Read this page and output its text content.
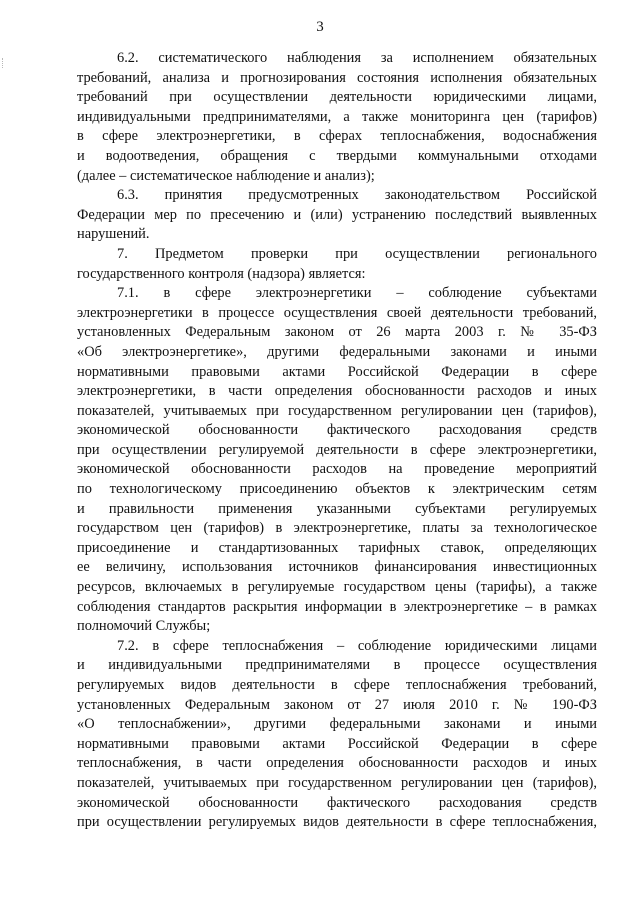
3
6.2. систематического наблюдения за исполнением обязательных
требований, анализа и прогнозирования состояния исполнения обязательных
требований при осуществлении деятельности юридическими лицами,
индивидуальными предпринимателями, а также мониторинга цен (тарифов)
в сфере электроэнергетики, в сферах теплоснабжения, водоснабжения
и водоотведения, обращения с твердыми коммунальными отходами
(далее – систематическое наблюдение и анализ);
6.3. принятия предусмотренных законодательством Российской
Федерации мер по пресечению и (или) устранению последствий выявленных
нарушений.
7. Предметом проверки при осуществлении регионального
государственного контроля (надзора) является:
7.1. в сфере электроэнергетики – соблюдение субъектами
электроэнергетики в процессе осуществления своей деятельности требований,
установленных Федеральным законом от 26 марта 2003 г. № 35-ФЗ
«Об электроэнергетике», другими федеральными законами и иными
нормативными правовыми актами Российской Федерации в сфере
электроэнергетики, в части определения обоснованности расходов и иных
показателей, учитываемых при государственном регулировании цен (тарифов),
экономической обоснованности фактического расходования средств
при осуществлении регулируемой деятельности в сфере электроэнергетики,
экономической обоснованности расходов на проведение мероприятий
по технологическому присоединению объектов к электрическим сетям
и правильности применения указанными субъектами регулируемых
государством цен (тарифов) в электроэнергетике, платы за технологическое
присоединение и стандартизованных тарифных ставок, определяющих
ее величину, использования источников финансирования инвестиционных
ресурсов, включаемых в регулируемые государством цены (тарифы), а также
соблюдения стандартов раскрытия информации в электроэнергетике – в рамках
полномочий Службы;
7.2. в сфере теплоснабжения – соблюдение юридическими лицами
и индивидуальными предпринимателями в процессе осуществления
регулируемых видов деятельности в сфере теплоснабжения требований,
установленных Федеральным законом от 27 июля 2010 г. № 190-ФЗ
«О теплоснабжении», другими федеральными законами и иными
нормативными правовыми актами Российской Федерации в сфере
теплоснабжения, в части определения обоснованности расходов и иных
показателей, учитываемых при государственном регулировании цен (тарифов),
экономической обоснованности фактического расходования средств
при осуществлении регулируемых видов деятельности в сфере теплоснабжения,
